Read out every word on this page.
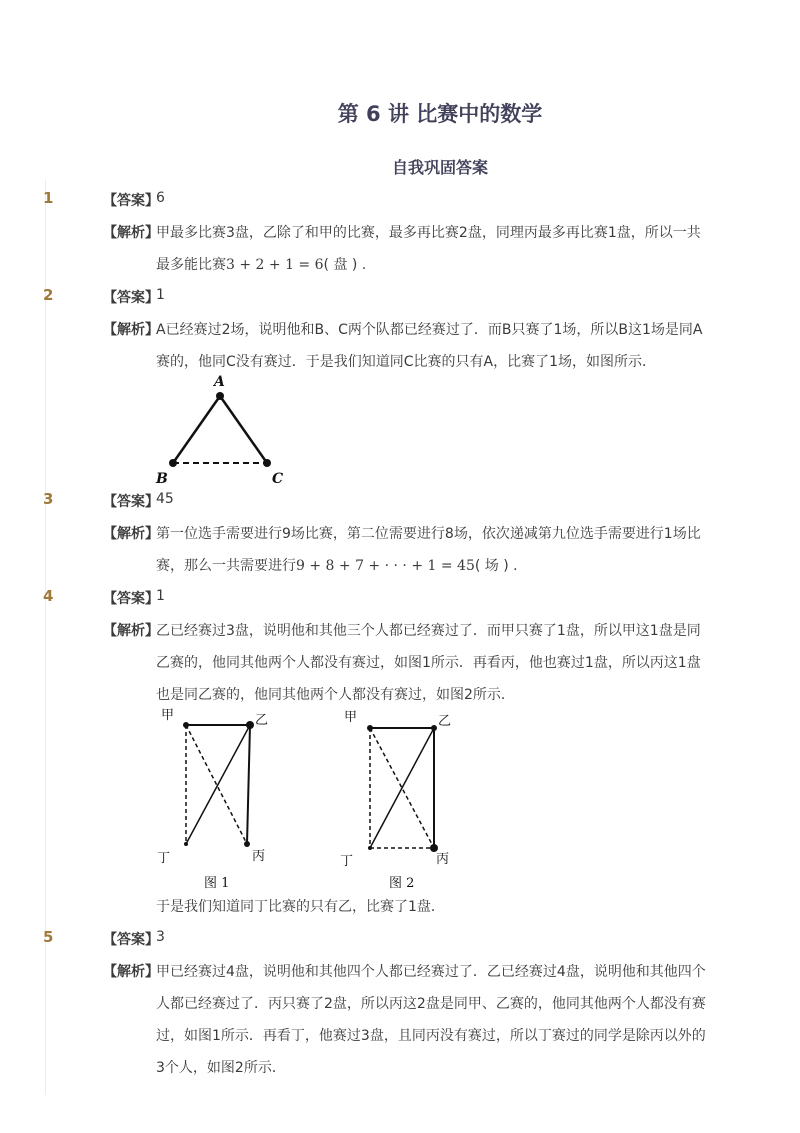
第 6 讲 比赛中的数学
自我巩固答案
1	【答案】
6
【解析】
甲最多比赛3盘，乙除了和甲的比赛，最多再比赛2盘，同理丙最多再比赛1盘，所以一共
最多能比赛3 + 2 + 1 = 6( 盘 ) .
2	【答案】
1
【解析】
A已经赛过2场，说明他和B、C两个队都已经赛过了．而B只赛了1场，所以B这1场是同A
赛的，他同C没有赛过．于是我们知道同C比赛的只有A，比赛了1场，如图所示．
A
B	C
3	【答案】
45
【解析】
第一位选手需要进行9场比赛，第二位需要进行8场，依次递减第九位选手需要进行1场比
赛，那么一共需要进行9 + 8 + 7 + · · · + 1 = 45( 场 ) .
4	【答案】
1
【解析】
乙已经赛过3盘，说明他和其他三个人都已经赛过了．而甲只赛了1盘，所以甲这1盘是同
乙赛的，他同其他两个人都没有赛过，如图1所示．再看丙，他也赛过1盘，所以丙这1盘
也是同乙赛的，他同其他两个人都没有赛过，如图2所示．
甲	乙
丙
丁
图 1
甲	乙
丙
丁
图 2
于是我们知道同丁比赛的只有乙，比赛了1盘．
5	【答案】
3
【解析】
甲已经赛过4盘，说明他和其他四个人都已经赛过了．乙已经赛过4盘，说明他和其他四个
人都已经赛过了．丙只赛了2盘，所以丙这2盘是同甲、乙赛的，他同其他两个人都没有赛
过，如图1所示．再看丁，他赛过3盘，且同丙没有赛过，所以丁赛过的同学是除丙以外的
3个人，如图2所示．
